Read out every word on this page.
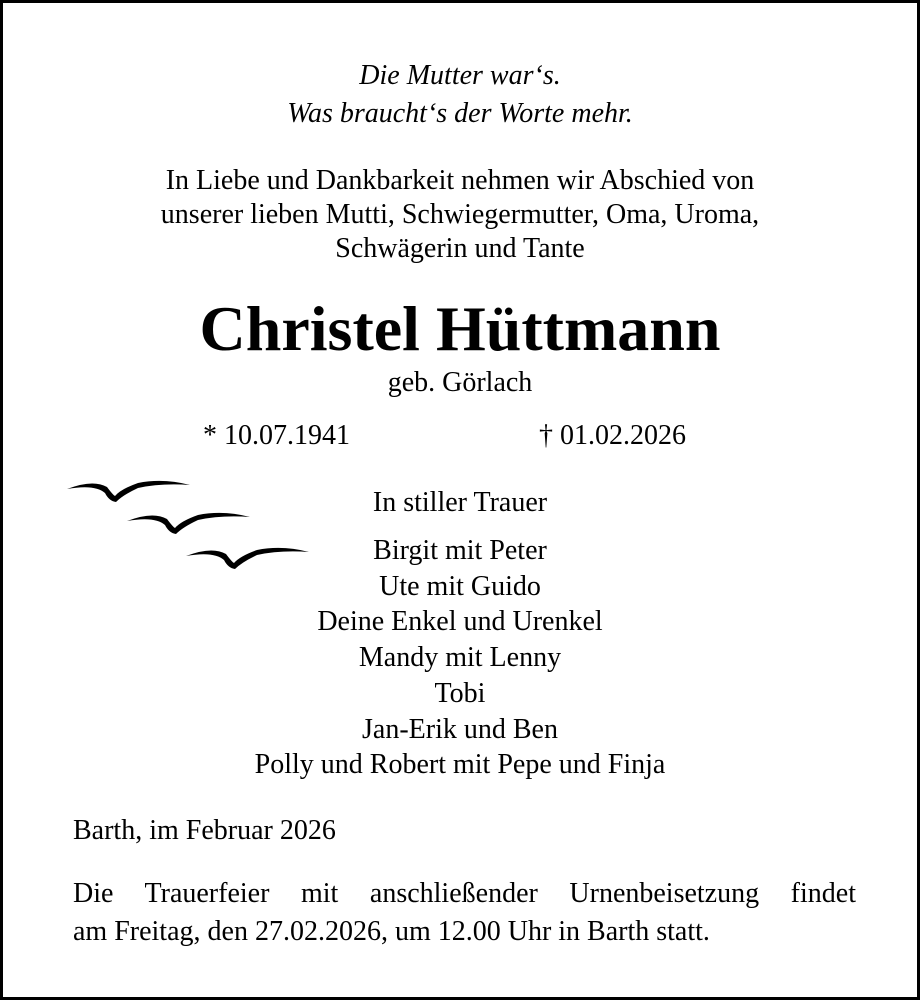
Die Mutter war‘s.
Was braucht‘s der Worte mehr.
In Liebe und Dankbarkeit nehmen wir Abschied von
unserer lieben Mutti, Schwiegermutter, Oma, Uroma,
Schwägerin und Tante
Christel Hüttmann
geb. Görlach
* 10.07.1941	† 01.02.2026
In stiller Trauer
Birgit mit Peter
Ute mit Guido
Deine Enkel und Urenkel
Mandy mit Lenny
Tobi
Jan-Erik und Ben
Polly und Robert mit Pepe und Finja
Barth, im Februar 2026
Die Trauerfeier mit anschließender Urnenbeisetzung findet
am Freitag, den 27.02.2026, um 12.00 Uhr in Barth statt.
